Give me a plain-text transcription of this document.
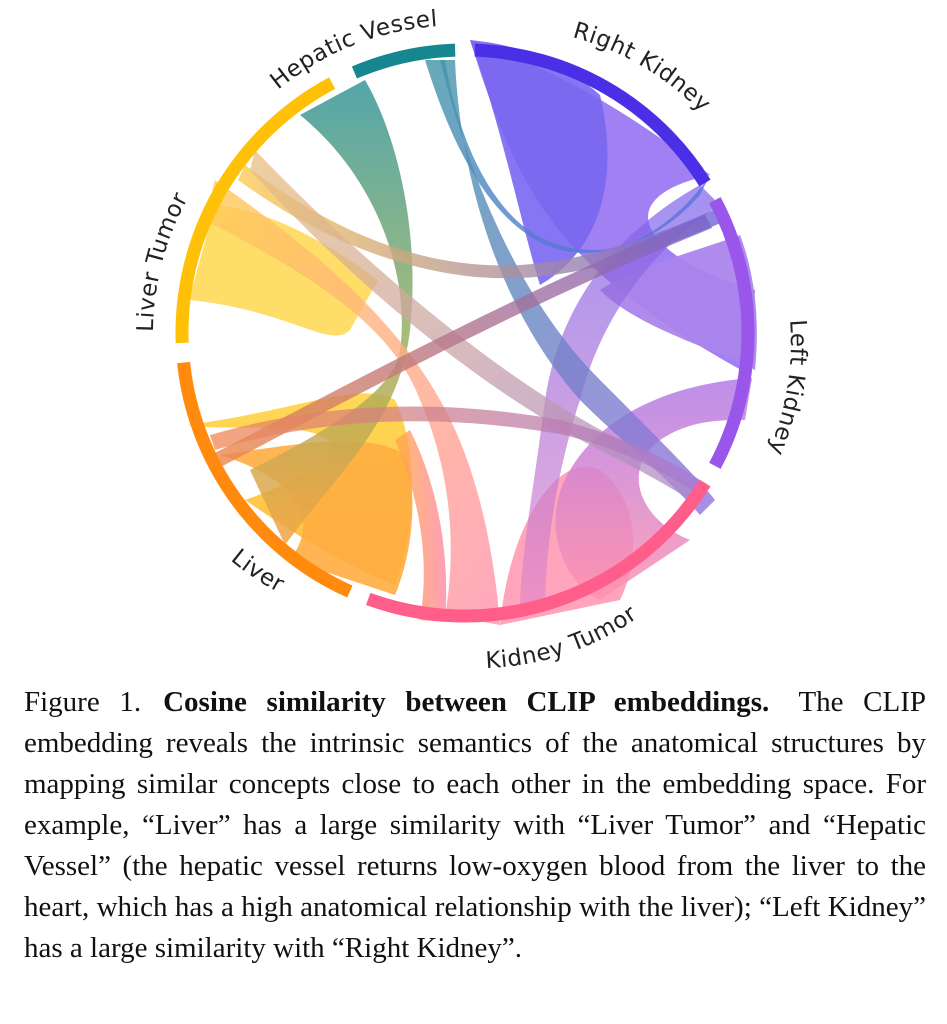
Right Kidney
Left Kidney
Kidney Tumor
Liver
Liver Tumor
Hepatic Vessel
Figure 1. Cosine similarity between CLIP embeddings. The CLIP embedding reveals the intrinsic semantics of the anatomical structures by mapping similar concepts close to each other in the embedding space. For example, “Liver” has a large similarity with “Liver Tumor” and “Hepatic Vessel” (the hepatic vessel returns low-oxygen blood from the liver to the heart, which has a high anatomical relationship with the liver); “Left Kidney” has a large similarity with “Right Kidney”.
